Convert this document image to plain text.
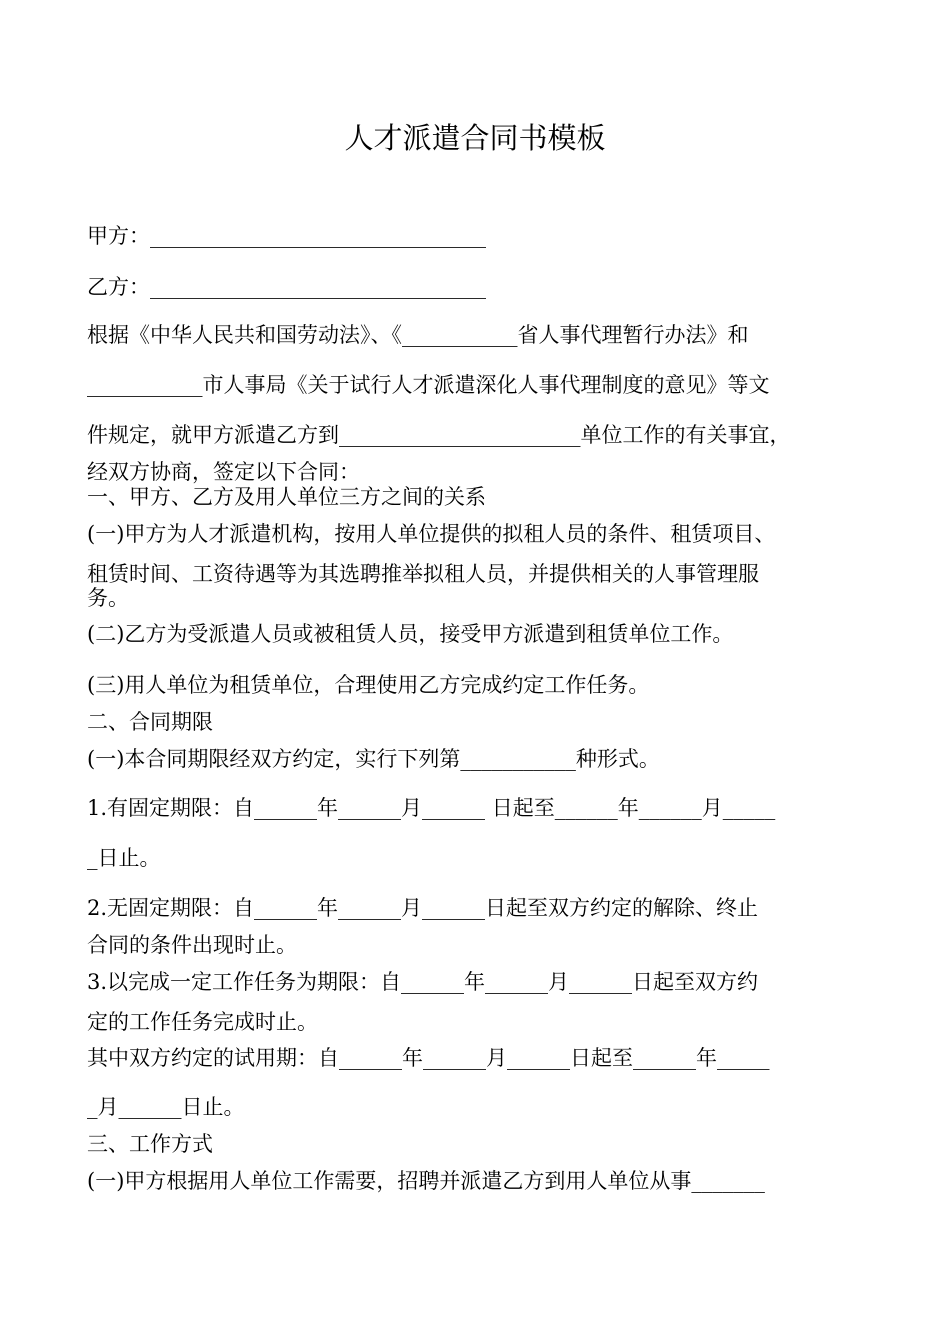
人才派遣合同书模板
甲方：________________________________
乙方：________________________________
根据《中华人民共和国劳动法》、《___________省人事代理暂行办法》和
___________市人事局《关于试行人才派遣深化人事代理制度的意见》等文
件规定，就甲方派遣乙方到_______________________单位工作的有关事宜，
经双方协商，签定以下合同：
一、甲方、乙方及用人单位三方之间的关系
(一)甲方为人才派遣机构，按用人单位提供的拟租人员的条件、租赁项目、
租赁时间、工资待遇等为其选聘推举拟租人员，并提供相关的人事管理服
务。
(二)乙方为受派遣人员或被租赁人员，接受甲方派遣到租赁单位工作。
(三)用人单位为租赁单位，合理使用乙方完成约定工作任务。
二、合同期限
(一)本合同期限经双方约定，实行下列第___________种形式。
1.有固定期限：自______年______月______ 日起至______年______月_____
_日止。
2.无固定期限：自______年______月______日起至双方约定的解除、终止
合同的条件出现时止。
3.以完成一定工作任务为期限：自______年______月______日起至双方约
定的工作任务完成时止。
其中双方约定的试用期：自______年______月______日起至______年_____
_月______日止。
三、工作方式
(一)甲方根据用人单位工作需要，招聘并派遣乙方到用人单位从事_______
